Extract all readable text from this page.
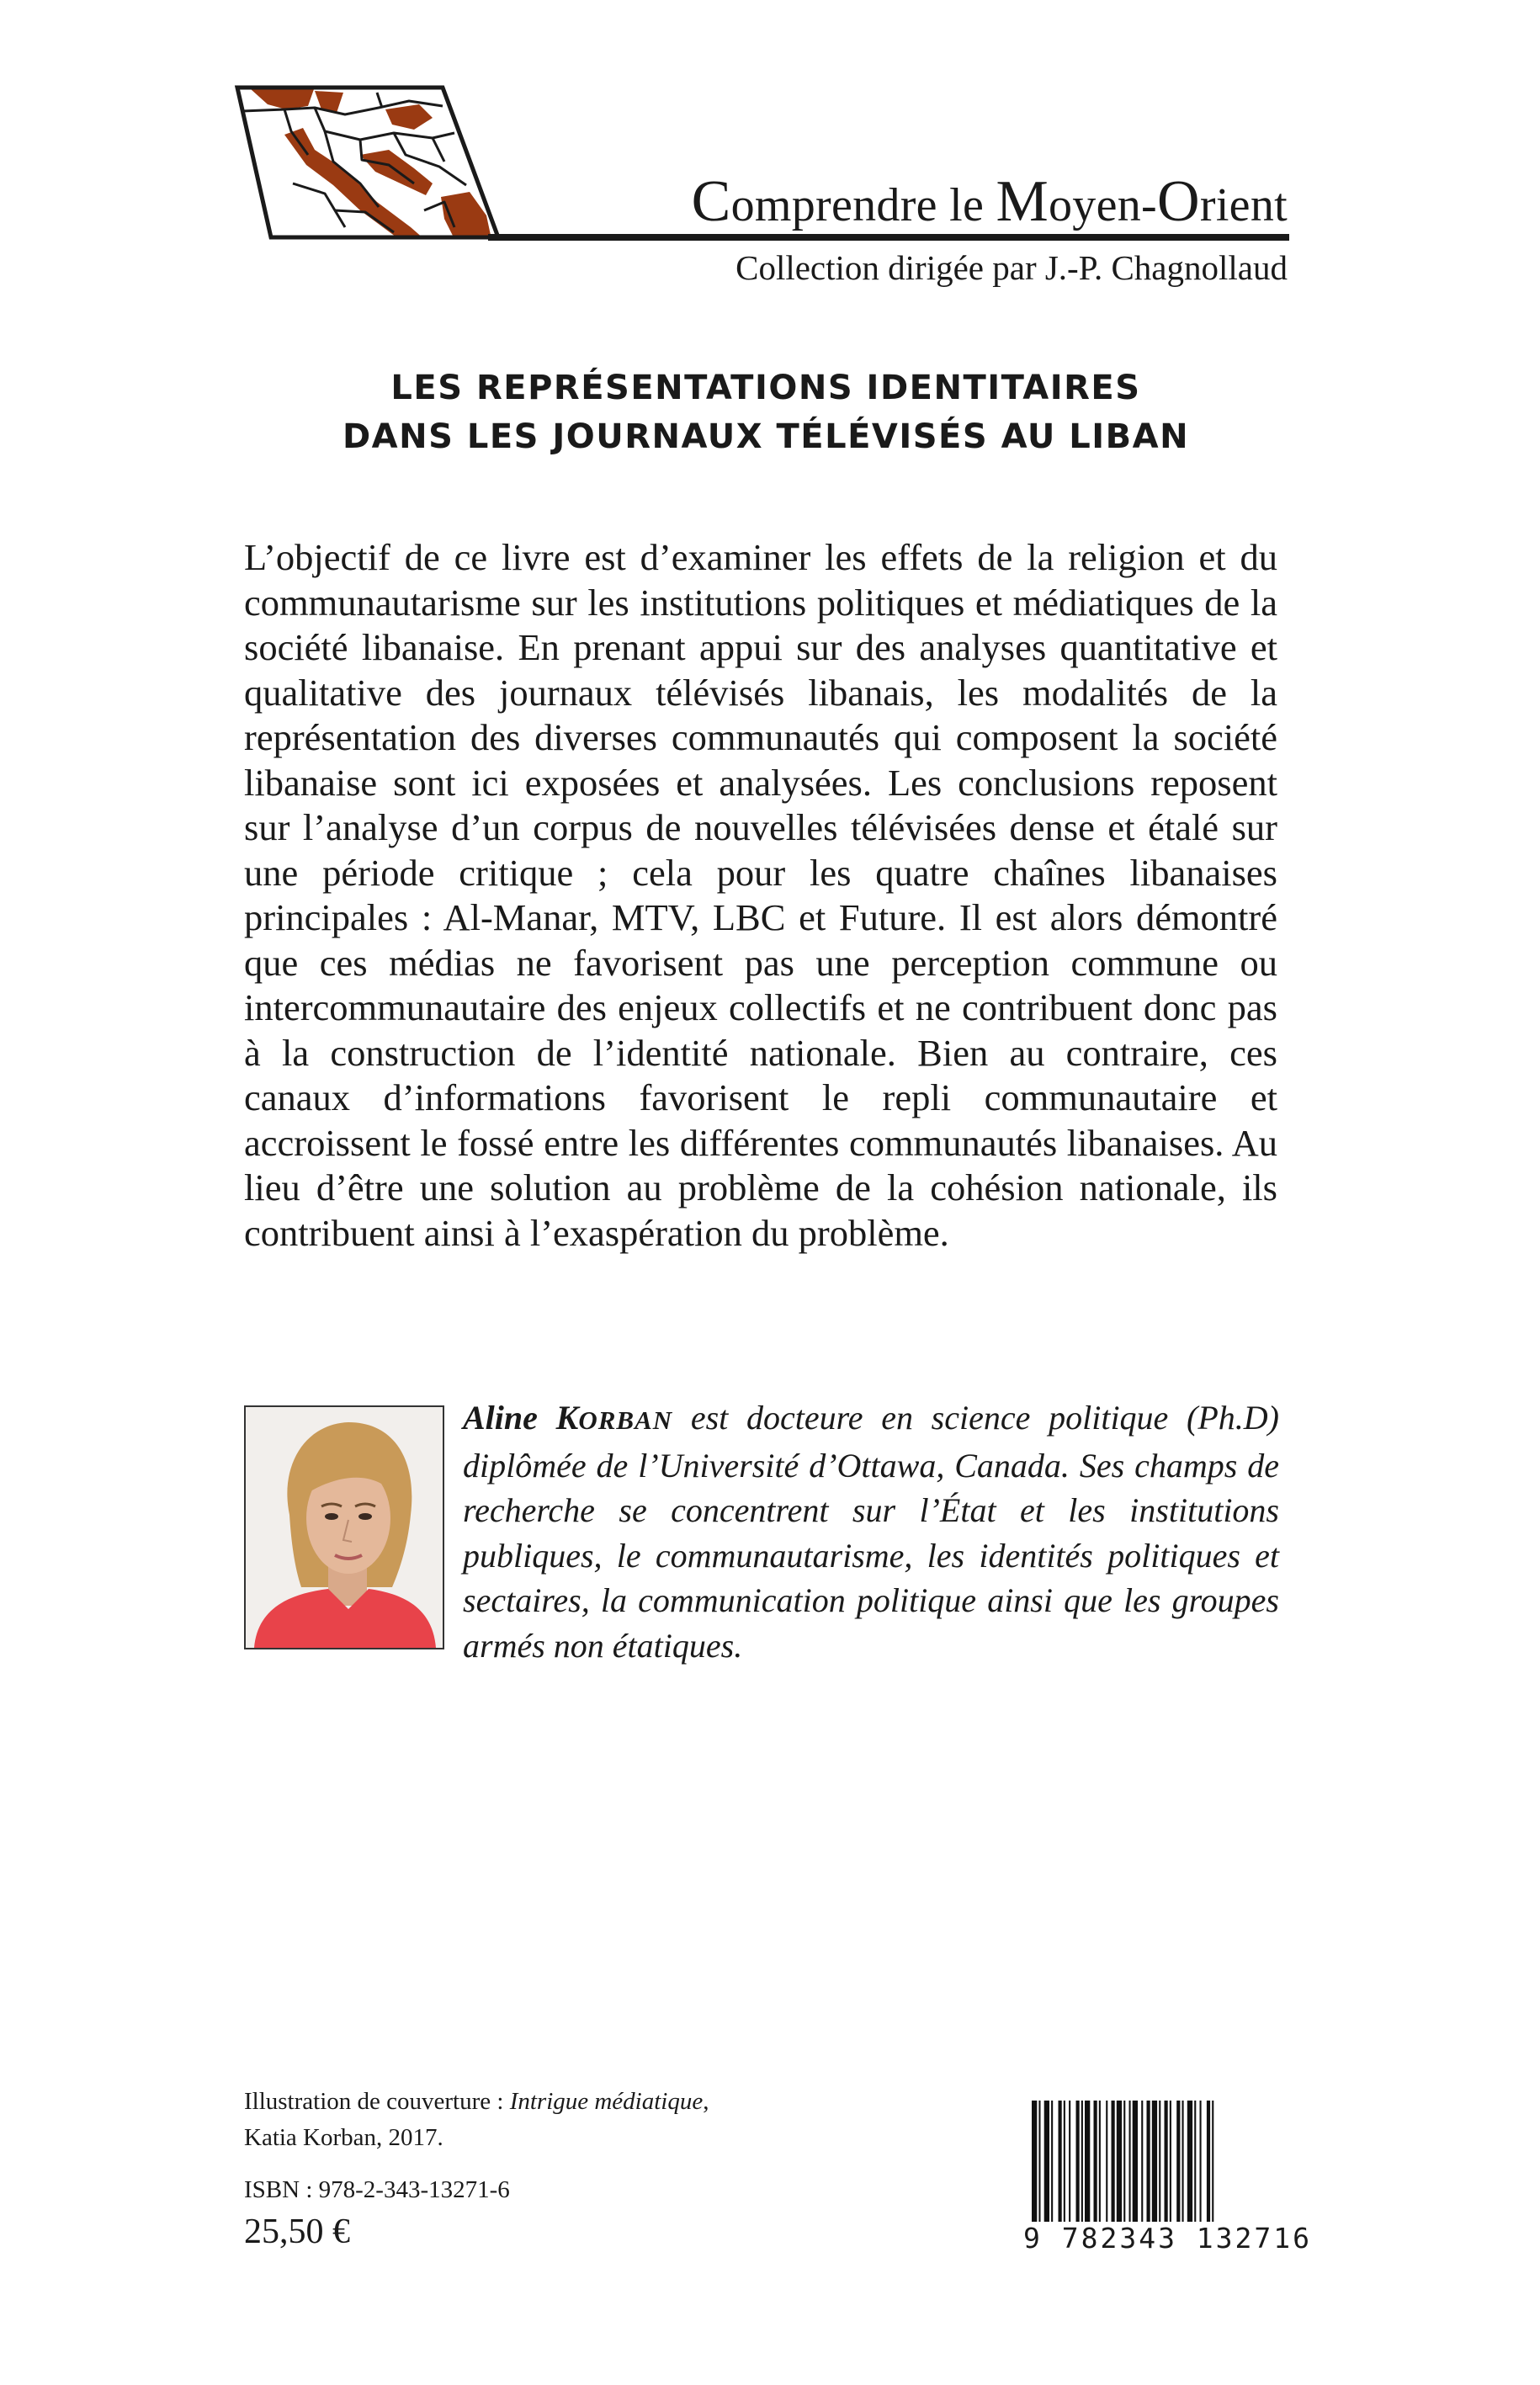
Comprendre le Moyen-Orient
Collection dirigée par J.-P. Chagnollaud
LES REPRÉSENTATIONS IDENTITAIRES
DANS LES JOURNAUX TÉLÉVISÉS AU LIBAN
L’objectif de ce livre est d’examiner les effets de la religion et du communautarisme sur les institutions politiques et médiatiques de la société libanaise. En prenant appui sur des analyses quantitative et qualitative des journaux télévisés libanais, les modalités de la représentation des diverses communautés qui composent la société libanaise sont ici exposées et analysées. Les conclusions reposent sur l’analyse d’un corpus de nouvelles télévisées dense et étalé sur une période critique ; cela pour les quatre chaînes libanaises principales : Al-Manar, MTV, LBC et Future. Il est alors démontré que ces médias ne favorisent pas une perception commune ou intercommunautaire des enjeux collectifs et ne contribuent donc pas à la construction de l’identité nationale. Bien au contraire, ces canaux d’informations favorisent le repli communautaire et accroissent le fossé entre les différentes communautés libanaises. Au lieu d’être une solution au problème de la cohésion nationale, ils contribuent ainsi à l’exaspération du problème.
Aline KORBAN est docteure en science politique (Ph.D) diplômée de l’Université d’Ottawa, Canada. Ses champs de recherche se concentrent sur l’État et les institutions publiques, le communautarisme, les identités politiques et sectaires, la communication politique ainsi que les groupes armés non étatiques.
Illustration de couverture : Intrigue médiatique,
Katia Korban, 2017.
ISBN : 978-2-343-13271-6
25,50 €	9 782343 132716
